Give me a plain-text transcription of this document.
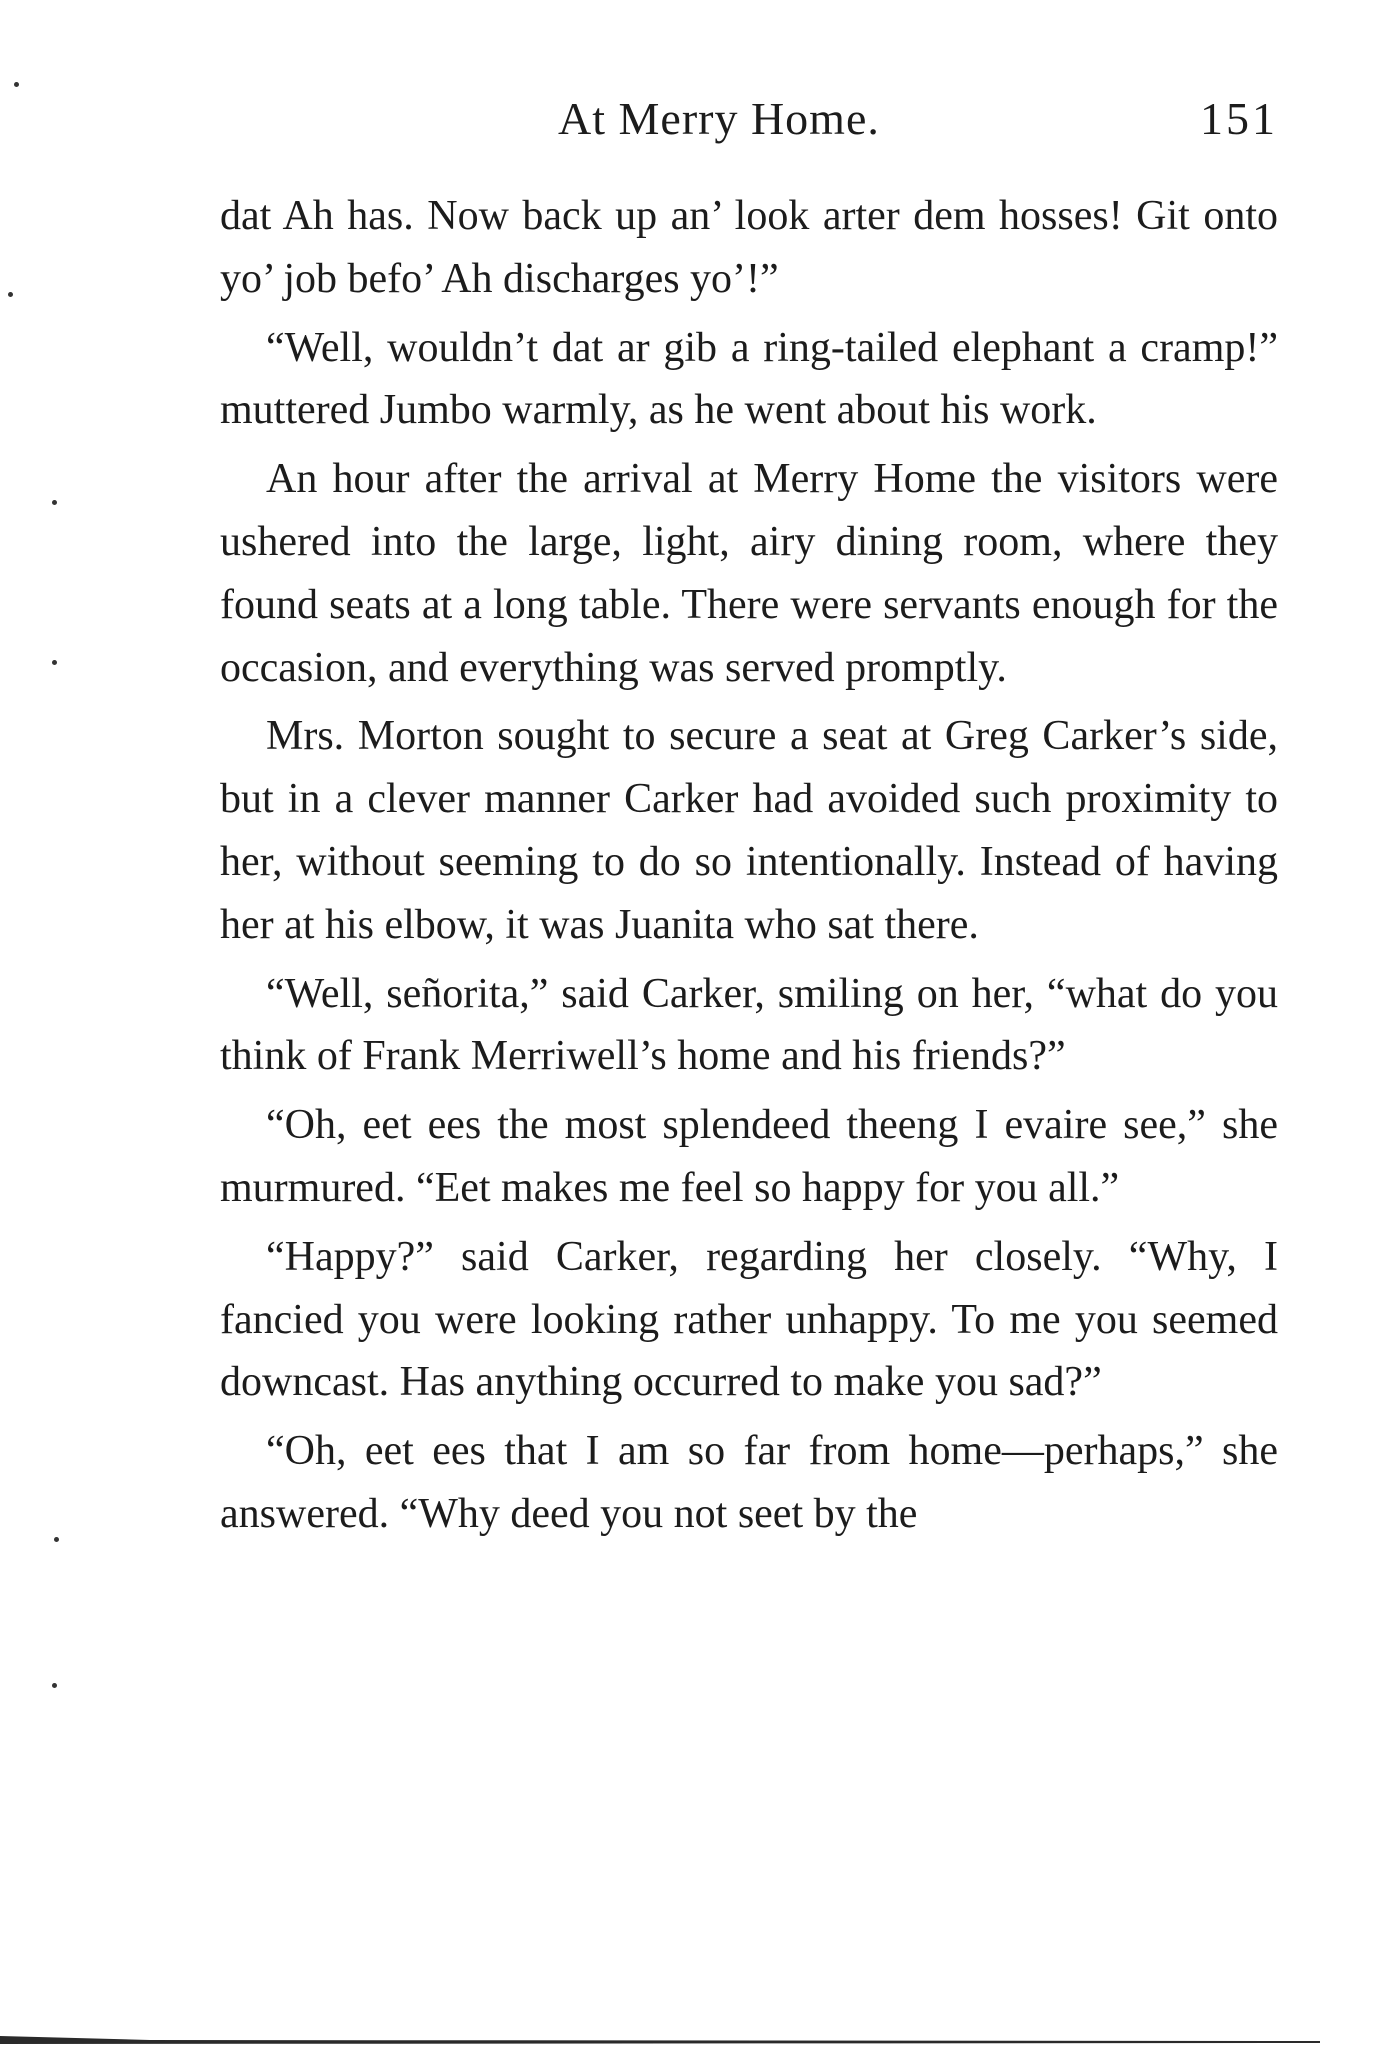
At Merry Home.	151

dat Ah has. Now back up an’ look arter dem hosses! Git onto yo’ job befo’ Ah discharges yo’!”

“Well, wouldn’t dat ar gib a ring-tailed elephant a cramp!” muttered Jumbo warmly, as he went about his work.

An hour after the arrival at Merry Home the visitors were ushered into the large, light, airy dining room, where they found seats at a long table. There were servants enough for the occasion, and everything was served promptly.

Mrs. Morton sought to secure a seat at Greg Carker’s side, but in a clever manner Carker had avoided such proximity to her, without seeming to do so intentionally. Instead of having her at his elbow, it was Juanita who sat there.

“Well, señorita,” said Carker, smiling on her, “what do you think of Frank Merriwell’s home and his friends?”

“Oh, eet ees the most splendeed theeng I evaire see,” she murmured. “Eet makes me feel so happy for you all.”

“Happy?” said Carker, regarding her closely. “Why, I fancied you were looking rather unhappy. To me you seemed downcast. Has anything occurred to make you sad?”

“Oh, eet ees that I am so far from home—perhaps,” she answered. “Why deed you not seet by the
